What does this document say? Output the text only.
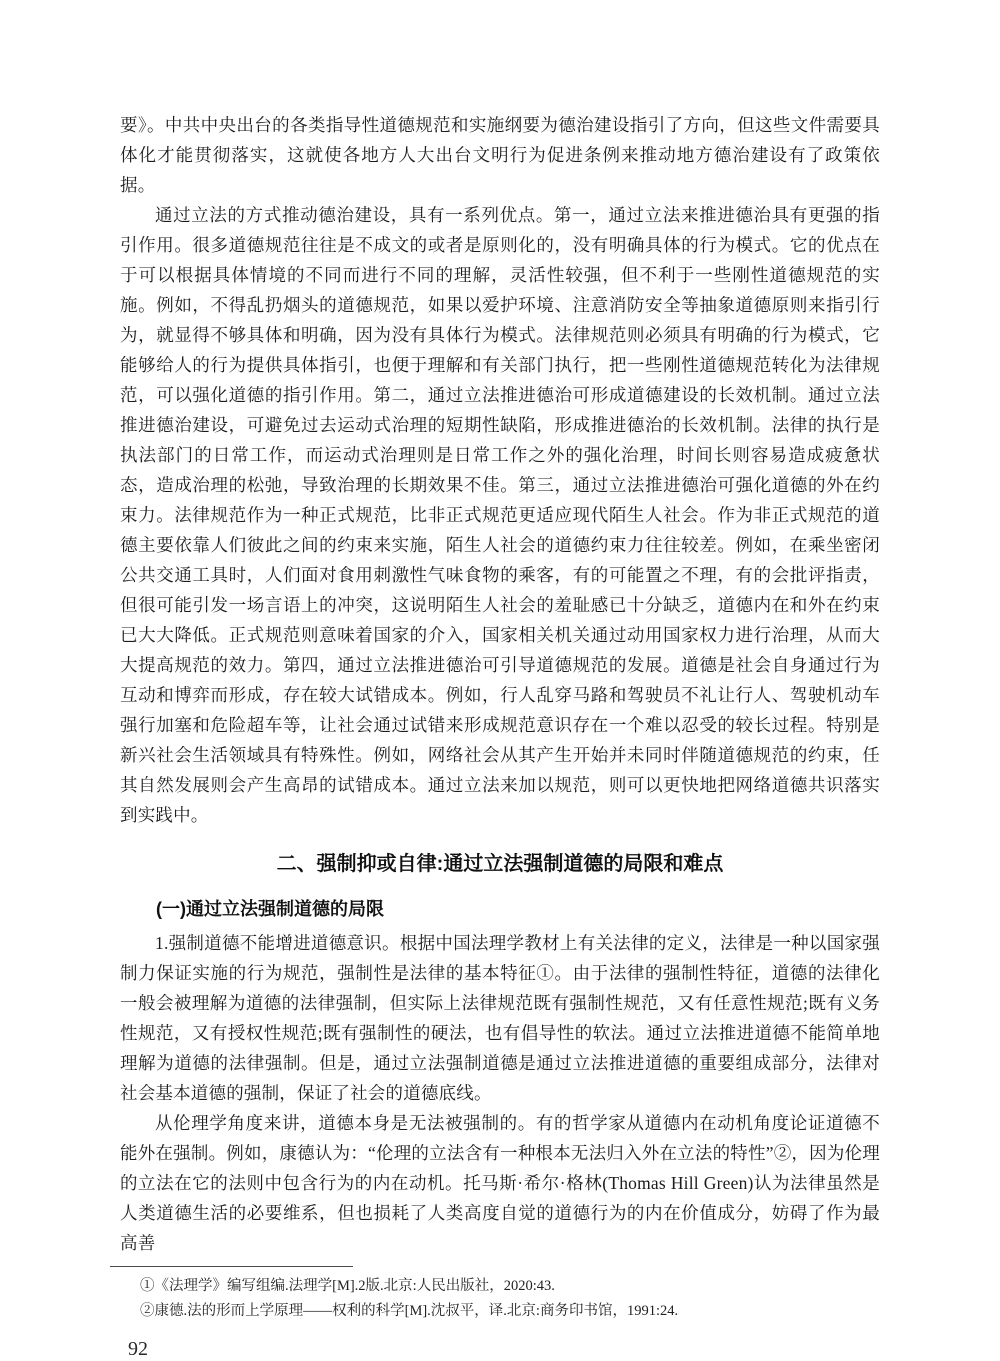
要》。中共中央出台的各类指导性道德规范和实施纲要为德治建设指引了方向，但这些文件需要具体化才能贯彻落实，这就使各地方人大出台文明行为促进条例来推动地方德治建设有了政策依据。

通过立法的方式推动德治建设，具有一系列优点。第一，通过立法来推进德治具有更强的指引作用。很多道德规范往往是不成文的或者是原则化的，没有明确具体的行为模式。它的优点在于可以根据具体情境的不同而进行不同的理解，灵活性较强，但不利于一些刚性道德规范的实施。例如，不得乱扔烟头的道德规范，如果以爱护环境、注意消防安全等抽象道德原则来指引行为，就显得不够具体和明确，因为没有具体行为模式。法律规范则必须具有明确的行为模式，它能够给人的行为提供具体指引，也便于理解和有关部门执行，把一些刚性道德规范转化为法律规范，可以强化道德的指引作用。第二，通过立法推进德治可形成道德建设的长效机制。通过立法推进德治建设，可避免过去运动式治理的短期性缺陷，形成推进德治的长效机制。法律的执行是执法部门的日常工作，而运动式治理则是日常工作之外的强化治理，时间长则容易造成疲惫状态，造成治理的松弛，导致治理的长期效果不佳。第三，通过立法推进德治可强化道德的外在约束力。法律规范作为一种正式规范，比非正式规范更适应现代陌生人社会。作为非正式规范的道德主要依靠人们彼此之间的约束来实施，陌生人社会的道德约束力往往较差。例如，在乘坐密闭公共交通工具时，人们面对食用刺激性气味食物的乘客，有的可能置之不理，有的会批评指责，但很可能引发一场言语上的冲突，这说明陌生人社会的羞耻感已十分缺乏，道德内在和外在约束已大大降低。正式规范则意味着国家的介入，国家相关机关通过动用国家权力进行治理，从而大大提高规范的效力。第四，通过立法推进德治可引导道德规范的发展。道德是社会自身通过行为互动和博弈而形成，存在较大试错成本。例如，行人乱穿马路和驾驶员不礼让行人、驾驶机动车强行加塞和危险超车等，让社会通过试错来形成规范意识存在一个难以忍受的较长过程。特别是新兴社会生活领域具有特殊性。例如，网络社会从其产生开始并未同时伴随道德规范的约束，任其自然发展则会产生高昂的试错成本。通过立法来加以规范，则可以更快地把网络道德共识落实到实践中。

二、强制抑或自律:通过立法强制道德的局限和难点
(一)通过立法强制道德的局限

1.强制道德不能增进道德意识。根据中国法理学教材上有关法律的定义，法律是一种以国家强制力保证实施的行为规范，强制性是法律的基本特征①。由于法律的强制性特征，道德的法律化一般会被理解为道德的法律强制，但实际上法律规范既有强制性规范，又有任意性规范;既有义务性规范，又有授权性规范;既有强制性的硬法，也有倡导性的软法。通过立法推进道德不能简单地理解为道德的法律强制。但是，通过立法强制道德是通过立法推进道德的重要组成部分，法律对社会基本道德的强制，保证了社会的道德底线。

从伦理学角度来讲，道德本身是无法被强制的。有的哲学家从道德内在动机角度论证道德不能外在强制。例如，康德认为：“伦理的立法含有一种根本无法归入外在立法的特性”②，因为伦理的立法在它的法则中包含行为的内在动机。托马斯·希尔·格林(Thomas Hill Green)认为法律虽然是人类道德生活的必要维系，但也损耗了人类高度自觉的道德行为的内在价值成分，妨碍了作为最高善

①《法理学》编写组编.法理学[M].2版.北京:人民出版社，2020:43.

②康德.法的形而上学原理——权利的科学[M].沈叔平，译.北京:商务印书馆，1991:24.

92
